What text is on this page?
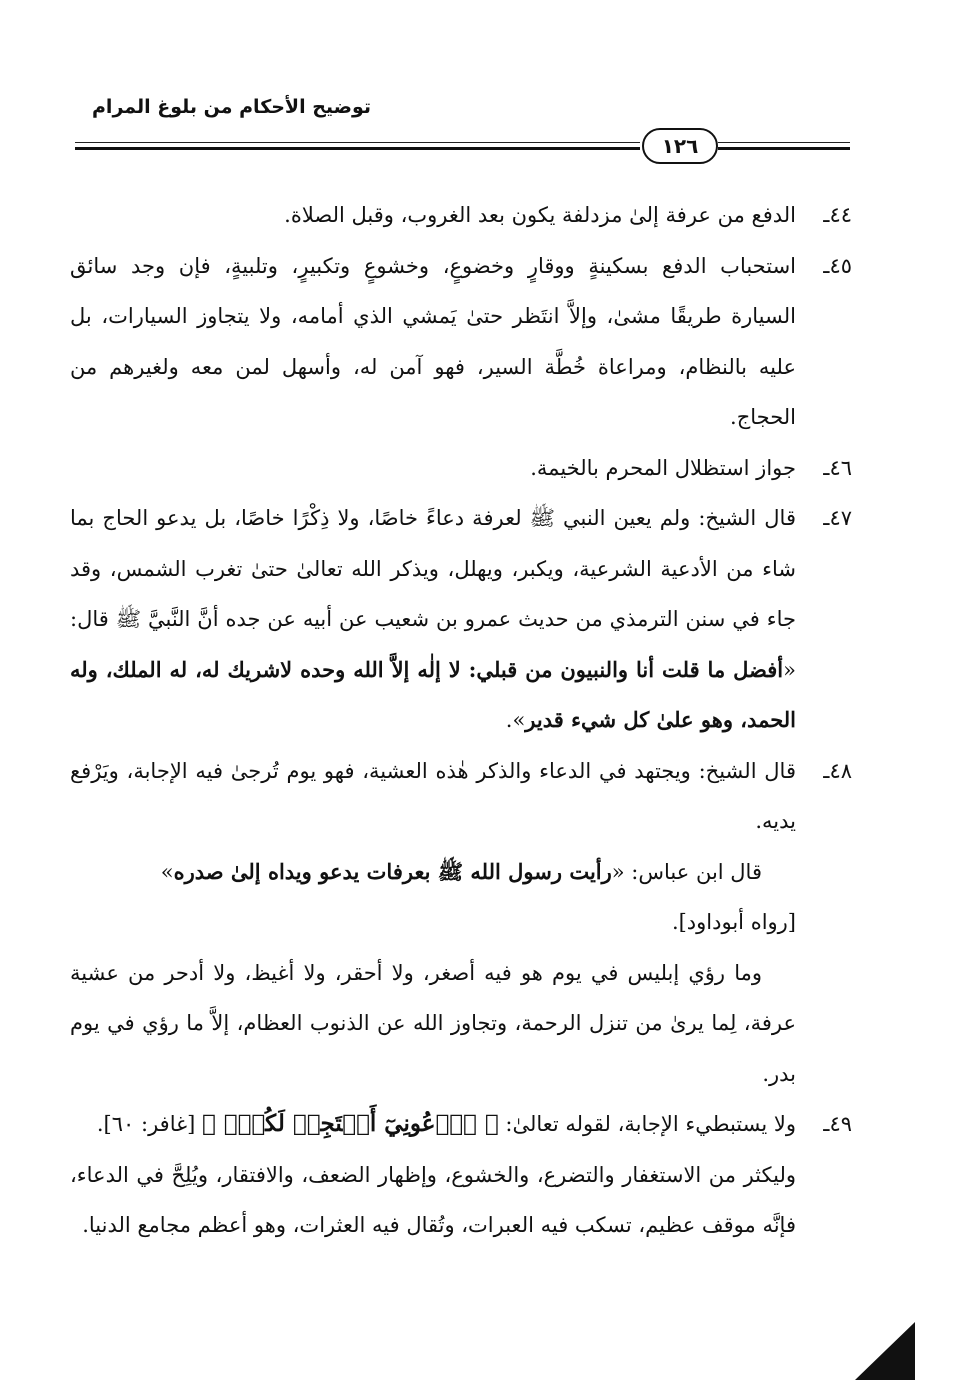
توضيح الأحكام من بلوغ المرام
١٢٦
٤٤ـ
الدفع من عرفة إلىٰ مزدلفة يكون بعد الغروب، وقبل الصلاة.
٤٥ـ
استحباب الدفع بسكينةٍ ووقارٍ وخضوعٍ، وخشوعٍ وتكبيرٍ، وتلبيةٍ، فإن وجد سائق السيارة طريقًا مشىٰ، وإلاَّ انتَظر حتىٰ يَمشي الذي أمامه، ولا يتجاوز السيارات، بل عليه بالنظام، ومراعاة خُطَّة السير، فهو آمن له، وأسهل لمن معه ولغيرهم من الحجاج.
٤٦ـ
جواز استظلال المحرم بالخيمة.
٤٧ـ
قال الشيخ: ولم يعين النبي ﷺ لعرفة دعاءً خاصًا، ولا ذِكْرًا خاصًا، بل يدعو الحاج بما شاء من الأدعية الشرعية، ويكبر، ويهلل، ويذكر الله تعالىٰ حتىٰ تغرب الشمس، وقد جاء في سنن الترمذي من حديث عمرو بن شعيب عن أبيه عن جده أنَّ النَّبيَّ ﷺ قال: «أفضل ما قلت أنا والنبيون من قبلي: لا إلٰه إلاَّ الله وحده لاشريك له، له الملك، وله الحمد، وهو علىٰ كل شيء قدير».
٤٨ـ
قال الشيخ: ويجتهد في الدعاء والذكر هٰذه العشية، فهو يوم تُرجىٰ فيه الإجابة، ويَرْفع يديه.

قال ابن عباس: «رأيت رسول الله ﷺ بعرفات يدعو ويداه إلىٰ صدره»

[رواه أبوداود].

وما رؤي إبليس في يوم هو فيه أصغر، ولا أحقر، ولا أغيظ، ولا أدحر من عشية عرفة، لِما يرىٰ من تنزل الرحمة، وتجاوز الله عن الذنوب العظام، إلاَّ ما رؤي في يوم بدر.

٤٩ـ
ولا يستبطيء الإجابة، لقوله تعالىٰ: ﴿ ٱدۡعُونِيٓ أَسۡتَجِبۡ لَكُمۡۚ ﴾ [غافر: ٦٠].

وليكثر من الاستغفار والتضرع، والخشوع، وإظهار الضعف، والافتقار، ويُلِحَّ في الدعاء، فإنَّه موقف عظيم، تسكب فيه العبرات، وتُقال فيه العثرات، وهو أعظم مجامع الدنيا.
